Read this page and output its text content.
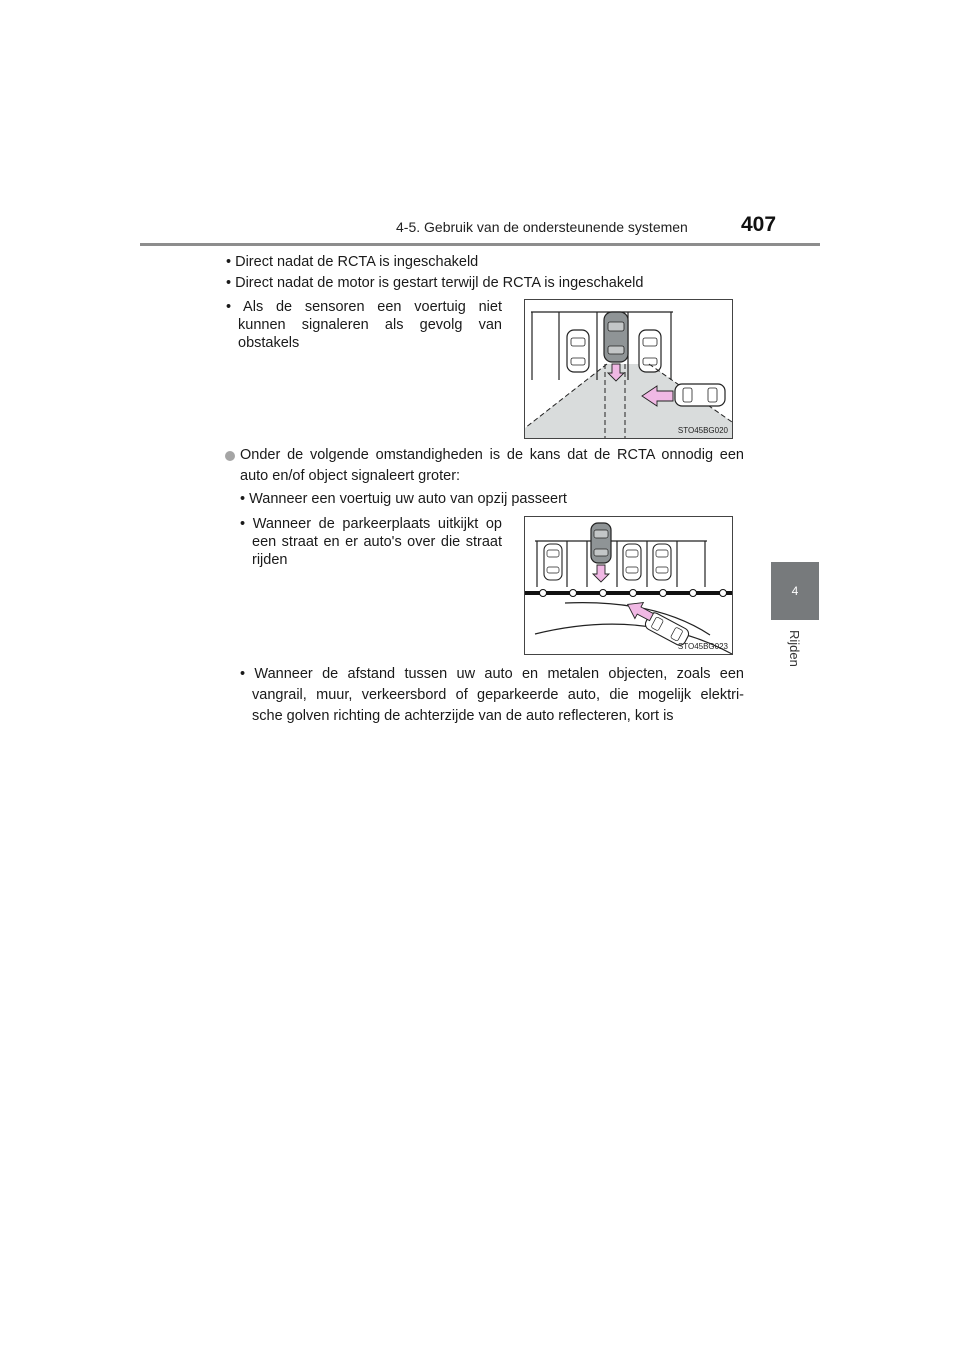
4-5. Gebruik van de ondersteunende systemen	407
4
Rijden
• Direct nadat de RCTA is ingeschakeld
• Direct nadat de motor is gestart terwijl de RCTA is ingeschakeld
• Als de sensoren een voertuig niet
kunnen signaleren als gevolg van
obstakels
STO45BG020
Onder de volgende omstandigheden is de kans dat de RCTA onnodig een
auto en/of object signaleert groter:
• Wanneer een voertuig uw auto van opzij passeert
• Wanneer de parkeerplaats uitkijkt op
een straat en er auto's over die straat
rijden
STO45BG023
• Wanneer de afstand tussen uw auto en metalen objecten, zoals een
vangrail, muur, verkeersbord of geparkeerde auto, die mogelijk elektri-
sche golven richting de achterzijde van de auto reflecteren, kort is
